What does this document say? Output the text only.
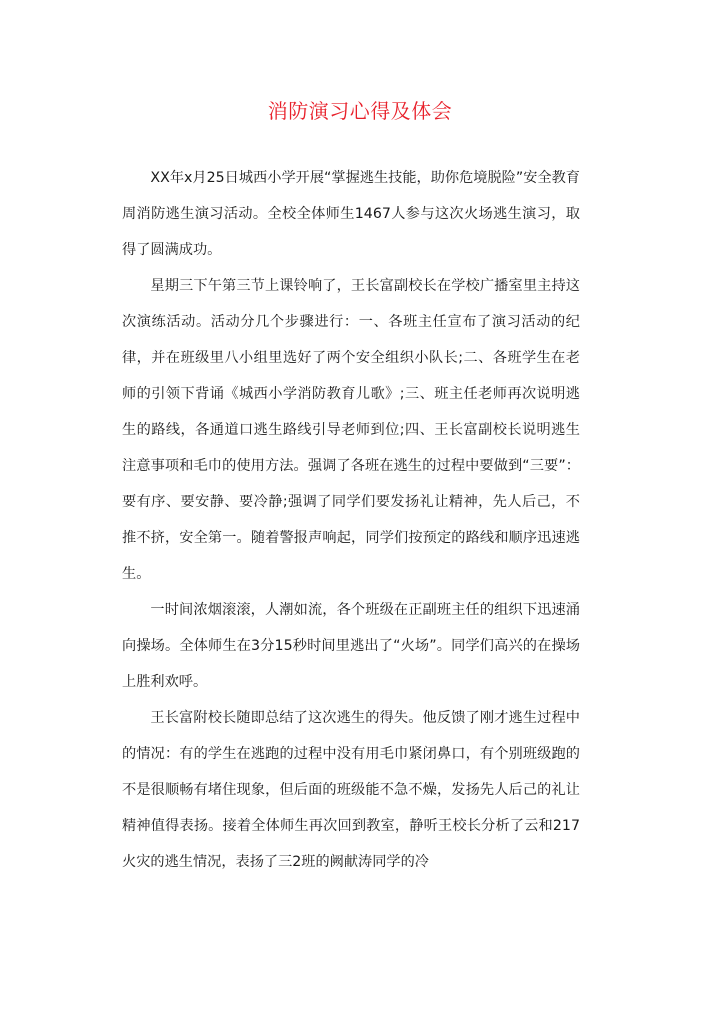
消防演习心得及体会

XX年x月25日城西小学开展“掌握逃生技能，助你危境脱险”安全教育周消防逃生演习活动。全校全体师生1467人参与这次火场逃生演习，取得了圆满成功。

星期三下午第三节上课铃响了，王长富副校长在学校广播室里主持这次演练活动。活动分几个步骤进行：一、各班主任宣布了演习活动的纪律，并在班级里八小组里选好了两个安全组织小队长;二、各班学生在老师的引领下背诵《城西小学消防教育儿歌》;三、班主任老师再次说明逃生的路线，各通道口逃生路线引导老师到位;四、王长富副校长说明逃生注意事项和毛巾的使用方法。强调了各班在逃生的过程中要做到“三要”：要有序、要安静、要冷静;强调了同学们要发扬礼让精神，先人后己，不推不挤，安全第一。随着警报声响起，同学们按预定的路线和顺序迅速逃生。

一时间浓烟滚滚，人潮如流，各个班级在正副班主任的组织下迅速涌向操场。全体师生在3分15秒时间里逃出了“火场”。同学们高兴的在操场上胜利欢呼。

王长富附校长随即总结了这次逃生的得失。他反馈了刚才逃生过程中的情况：有的学生在逃跑的过程中没有用毛巾紧闭鼻口，有个别班级跑的不是很顺畅有堵住现象，但后面的班级能不急不燥，发扬先人后己的礼让精神值得表扬。接着全体师生再次回到教室，静听王校长分析了云和217火灾的逃生情况，表扬了三2班的阙献涛同学的冷
